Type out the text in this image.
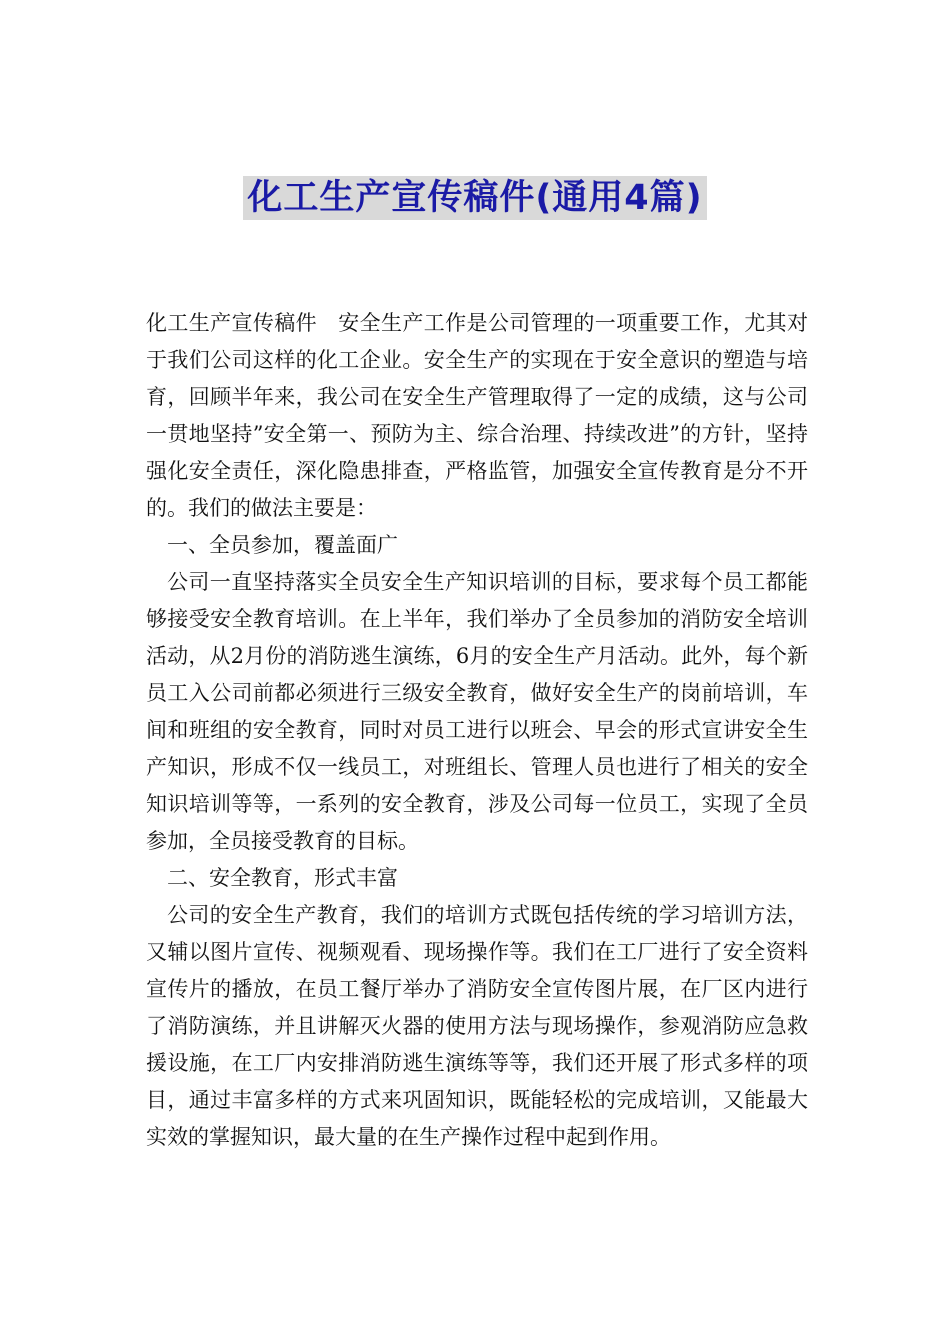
化工生产宣传稿件(通用4篇)

化工生产宣传稿件　安全生产工作是公司管理的一项重要工作，尤其对于我们公司这样的化工企业。安全生产的实现在于安全意识的塑造与培育，回顾半年来，我公司在安全生产管理取得了一定的成绩，这与公司一贯地坚持”安全第一、预防为主、综合治理、持续改进”的方针，坚持强化安全责任，深化隐患排查，严格监管，加强安全宣传教育是分不开的。我们的做法主要是：

一、全员参加，覆盖面广

公司一直坚持落实全员安全生产知识培训的目标，要求每个员工都能够接受安全教育培训。在上半年，我们举办了全员参加的消防安全培训活动，从2月份的消防逃生演练，6月的安全生产月活动。此外，每个新员工入公司前都必须进行三级安全教育，做好安全生产的岗前培训，车间和班组的安全教育，同时对员工进行以班会、早会的形式宣讲安全生产知识，形成不仅一线员工，对班组长、管理人员也进行了相关的安全知识培训等等，一系列的安全教育，涉及公司每一位员工，实现了全员参加，全员接受教育的目标。

二、安全教育，形式丰富

公司的安全生产教育，我们的培训方式既包括传统的学习培训方法，又辅以图片宣传、视频观看、现场操作等。我们在工厂进行了安全资料宣传片的播放，在员工餐厅举办了消防安全宣传图片展，在厂区内进行了消防演练，并且讲解灭火器的使用方法与现场操作，参观消防应急救援设施，在工厂内安排消防逃生演练等等，我们还开展了形式多样的项目，通过丰富多样的方式来巩固知识，既能轻松的完成培训，又能最大实效的掌握知识，最大量的在生产操作过程中起到作用。
